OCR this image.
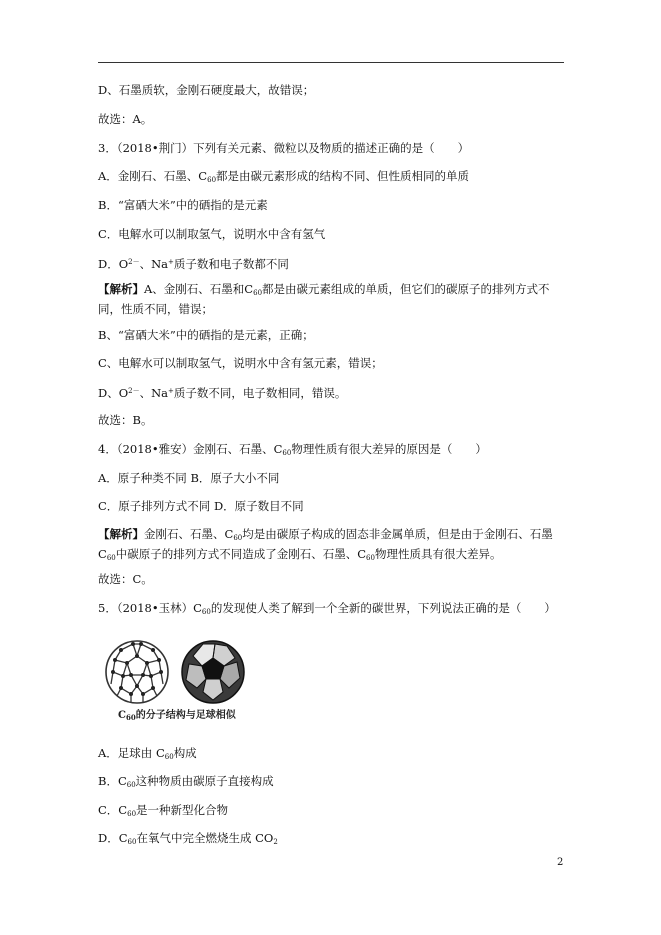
D、石墨质软，金刚石硬度最大，故错误；
故选：A。
3．（2018•荆门）下列有关元素、微粒以及物质的描述正确的是（　　）
A．金刚石、石墨、$C_{60}$都是由碳元素形成的结构不同、但性质相同的单质
B．“富硒大米”中的硒指的是元素
C．电解水可以制取氢气，说明水中含有氢气
D．$O^{2-}$、Na+质子数和电子数都不同
【解析】A、金刚石、石墨和$C_{60}$都是由碳元素组成的单质，但它们的碳原子的排列方式不同，性质不同，错误；
B、“富硒大米”中的硒指的是元素，正确；
C、电解水可以制取氢气，说明水中含有氢元素，错误；
D、$O^{2-}$、Na+质子数不同，电子数相同，错误。
故选：B。
4．（2018•雅安）金刚石、石墨、$C_{60}$物理性质有很大差异的原因是（　　）
A．原子种类不同 B．原子大小不同
C．原子排列方式不同 D．原子数目不同
【解析】金刚石、石墨、$C_{60}$均是由碳原子构成的固态非金属单质，但是由于金刚石、石墨 $C_{60}$中碳原子的排列方式不同造成了金刚石、石墨、$C_{60}$物理性质具有很大差异。
故选：C。
5．（2018•玉林）$C_{60}$的发现使人类了解到一个全新的碳世界，下列说法正确的是（　　）
$C_{60}$的分子结构与足球相似
A．足球由 $C_{60}$构成
B．$C_{60}$这种物质由碳原子直接构成
C．$C_{60}$是一种新型化合物
D．$C_{60}$在氧气中完全燃烧生成 $CO_2$
2
